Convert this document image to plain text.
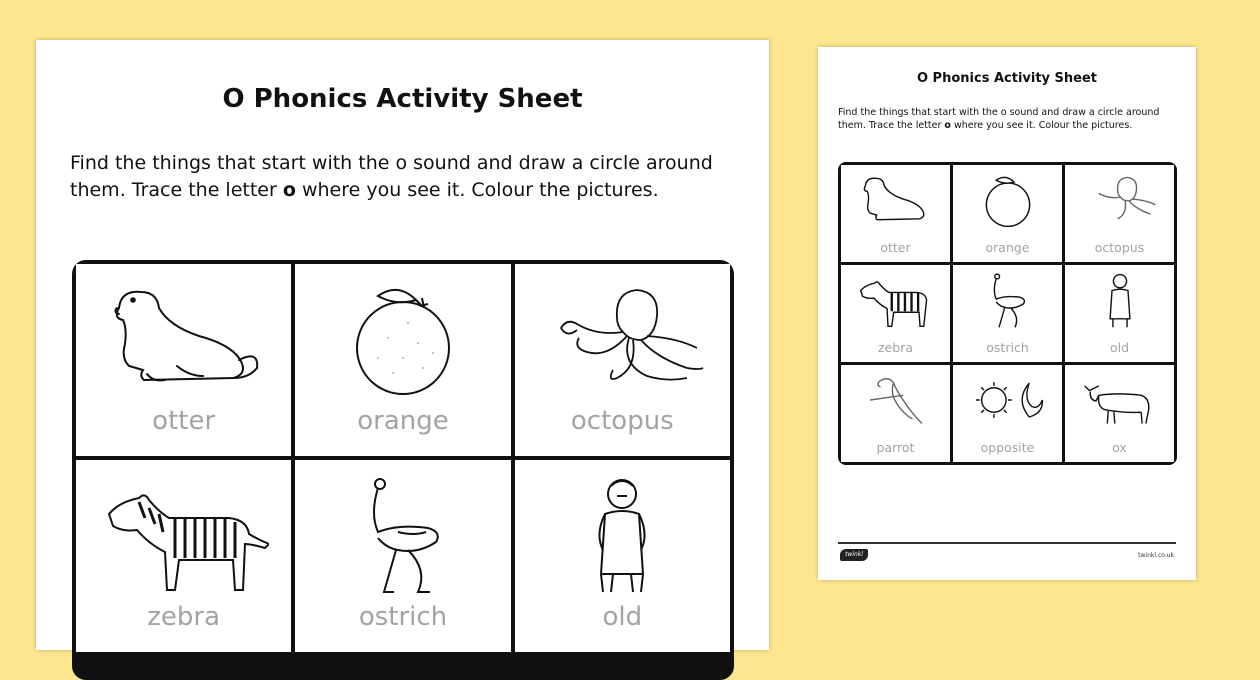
O Phonics Activity Sheet
Find the things that start with the o sound and draw a circle around
them. Trace the letter o where you see it. Colour the pictures.
otter	orange	octopus
zebra	ostrich	old
O Phonics Activity Sheet
Find the things that start with the o sound and draw a circle around
them. Trace the letter o where you see it. Colour the pictures.
otter	orange	octopus
zebra	ostrich	old
parrot	opposite	ox
twinkl	twinkl.co.uk
